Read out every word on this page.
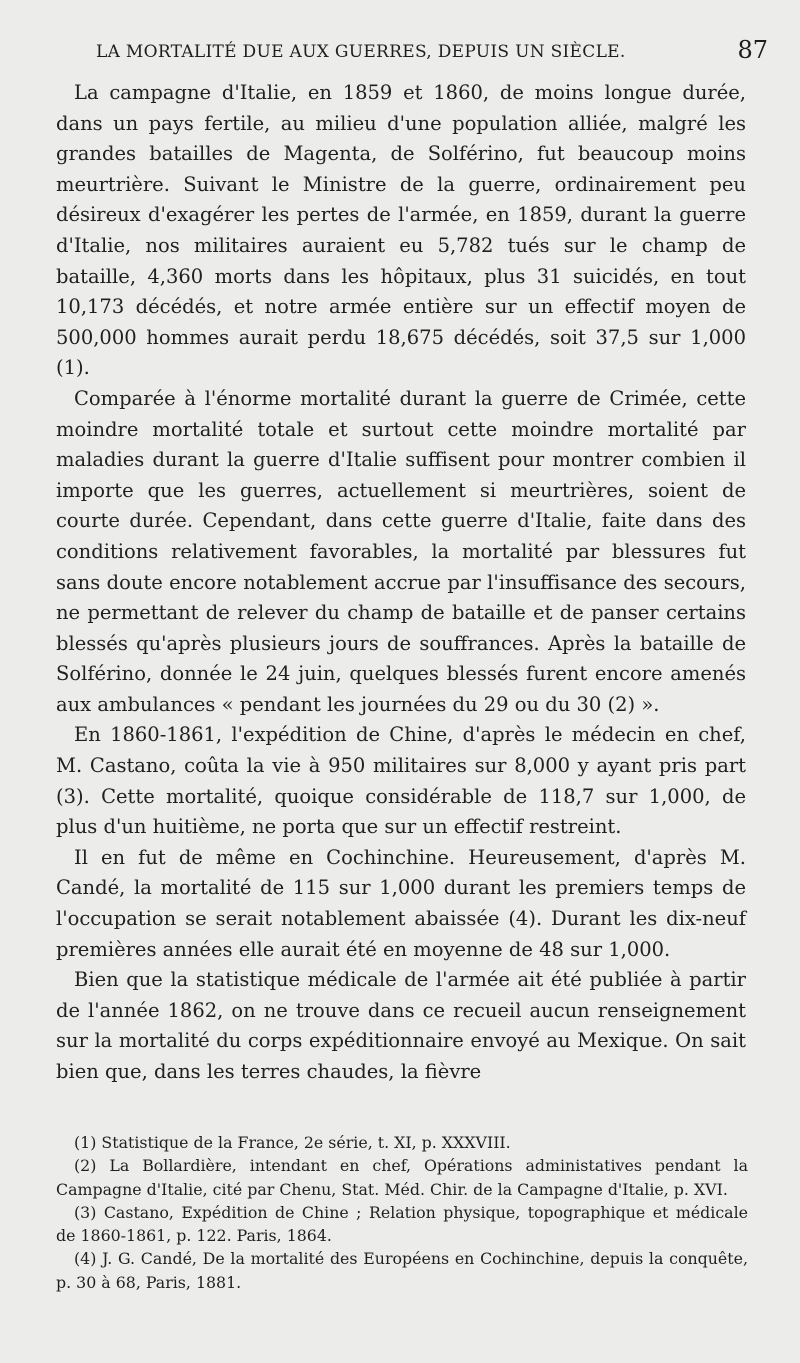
LA MORTALITÉ DUE AUX GUERRES, DEPUIS UN SIÈCLE.	87

La campagne d'Italie, en 1859 et 1860, de moins longue durée, dans un pays fertile, au milieu d'une population alliée, malgré les grandes batailles de Magenta, de Solférino, fut beaucoup moins meurtrière. Suivant le Ministre de la guerre, ordinairement peu désireux d'exagérer les pertes de l'armée, en 1859, durant la guerre d'Italie, nos militaires auraient eu 5,782 tués sur le champ de bataille, 4,360 morts dans les hôpitaux, plus 31 suicidés, en tout 10,173 décédés, et notre armée entière sur un effectif moyen de 500,000 hommes aurait perdu 18,675 décédés, soit 37,5 sur 1,000 (1).

Comparée à l'énorme mortalité durant la guerre de Crimée, cette moindre mortalité totale et surtout cette moindre mortalité par maladies durant la guerre d'Italie suffisent pour montrer combien il importe que les guerres, actuellement si meurtrières, soient de courte durée. Cependant, dans cette guerre d'Italie, faite dans des conditions relativement favorables, la mortalité par blessures fut sans doute encore notablement accrue par l'insuffisance des secours, ne permettant de relever du champ de bataille et de panser certains blessés qu'après plusieurs jours de souffrances. Après la bataille de Solférino, donnée le 24 juin, quelques blessés furent encore amenés aux ambulances « pendant les journées du 29 ou du 30 (2) ».

En 1860-1861, l'expédition de Chine, d'après le médecin en chef, M. Castano, coûta la vie à 950 militaires sur 8,000 y ayant pris part (3). Cette mortalité, quoique considérable de 118,7 sur 1,000, de plus d'un huitième, ne porta que sur un effectif restreint.

Il en fut de même en Cochinchine. Heureusement, d'après M. Candé, la mortalité de 115 sur 1,000 durant les premiers temps de l'occupation se serait notablement abaissée (4). Durant les dix-neuf premières années elle aurait été en moyenne de 48 sur 1,000.

Bien que la statistique médicale de l'armée ait été publiée à partir de l'année 1862, on ne trouve dans ce recueil aucun renseignement sur la mortalité du corps expéditionnaire envoyé au Mexique. On sait bien que, dans les terres chaudes, la fièvre

(1) Statistique de la France, 2e série, t. XI, p. XXXVIII.

(2) La Bollardière, intendant en chef, Opérations administatives pendant la Campagne d'Italie, cité par Chenu, Stat. Méd. Chir. de la Campagne d'Italie, p. XVI.

(3) Castano, Expédition de Chine ; Relation physique, topographique et médicale de 1860-1861, p. 122. Paris, 1864.

(4) J. G. Candé, De la mortalité des Européens en Cochinchine, depuis la conquête, p. 30 à 68, Paris, 1881.
